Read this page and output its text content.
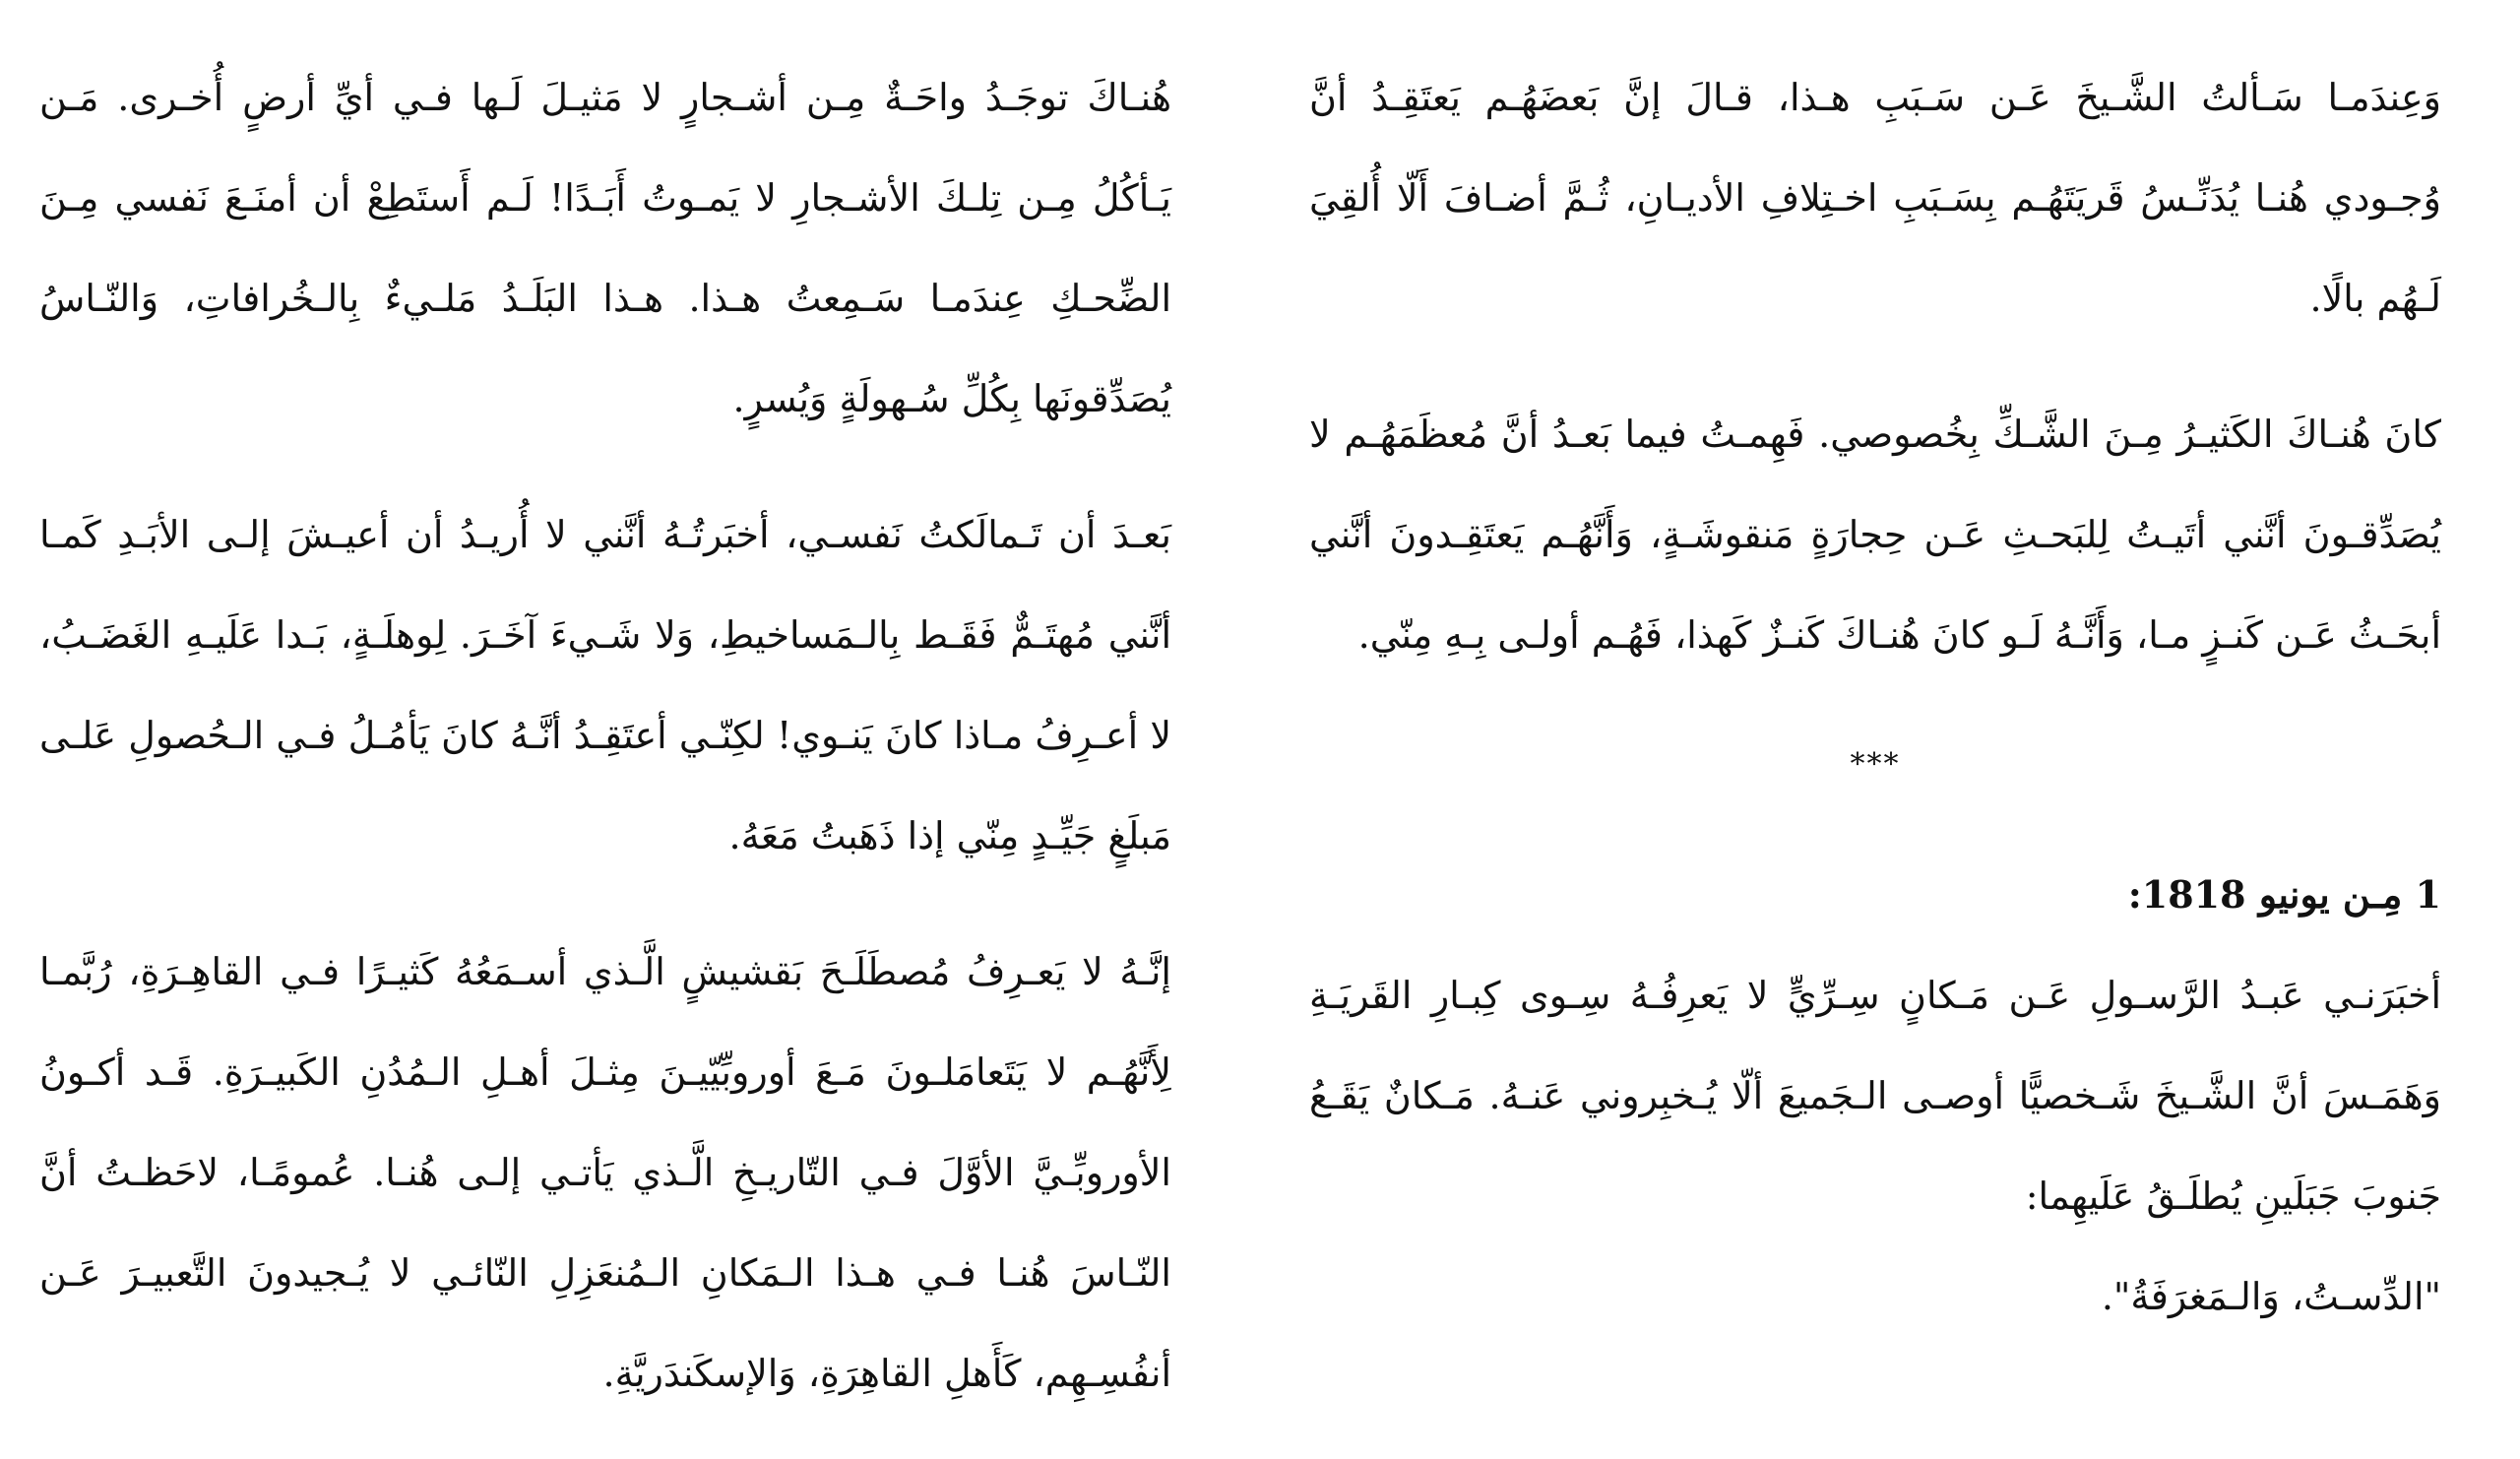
وَعِندَمـا سَـألتُ الشَّـيخَ عَـن سَـبَبِ هـذا، قـالَ إنَّ بَعضَهُـم يَعتَقِـدُ أنَّ وُجـودي هُنـا يُدَنِّـسُ قَريَتَهُـم بِسَـبَبِ اخـتِلافِ الأديـانِ، ثُـمَّ أضـافَ أَلّا أُلقِيَ لَـهُم بالًا.

كانَ هُنـاكَ الكَثيـرُ مِـنَ الشَّـكِّ بِخُصوصي. فَهِمـتُ فيما بَعـدُ أنَّ مُعظَمَهُـم لا يُصَدِّقـونَ أنَّني أتَيـتُ لِلبَحـثِ عَـن حِجارَةٍ مَنقوشَـةٍ، وَأَنَّهُـم يَعتَقِـدونَ أنَّني أبحَـثُ عَـن كَنـزٍ مـا، وَأَنَّـهُ لَـو كانَ هُنـاكَ كَنـزٌ كَهذا، فَهُـم أولـى بِـهِ مِنّي.

***

1 مِـن يونيو 1818:

أخبَرَنـي عَبـدُ الرَّسـولِ عَـن مَـكانٍ سِـرِّيٍّ لا يَعرِفُـهُ سِـوى كِبـارِ القَريَـةِ وَهَمَـسَ أنَّ الشَّـيخَ شَـخصيًّا أوصـى الـجَميعَ ألّا يُـخبِروني عَنـهُ. مَـكانٌ يَقَـعُ جَنوبَ جَبَلَينِ يُطلَـقُ عَلَيهِما:

"الدِّسـتُ، وَالـمَغرَفَةُ".

هُنـاكَ توجَـدُ واحَـةٌ مِـن أشـجارٍ لا مَثيـلَ لَـها فـي أيِّ أرضٍ أُخـرى. مَـن يَـأكُلُ مِـن تِلـكَ الأشـجارِ لا يَمـوتُ أَبَـدًا! لَـم أَستَطِعْ أن أمنَـعَ نَفسي مِـنَ الضِّحـكِ عِندَمـا سَـمِعتُ هـذا. هـذا البَلَـدُ مَلـيءٌ بِالـخُرافاتِ، وَالنّـاسُ يُصَدِّقونَها بِكُلِّ سُـهولَةٍ وَيُسرٍ.

بَعـدَ أن تَـمالَكتُ نَفسـي، أخبَرتُـهُ أنَّني لا أُريـدُ أن أعيـشَ إلـى الأبَـدِ كَمـا أنَّني مُهتَـمٌّ فَقَـط بِالـمَساخيطِ، وَلا شَـيءَ آخَـرَ. لِوهلَـةٍ، بَـدا عَلَيـهِ الغَضَـبُ، لا أعـرِفُ مـاذا كانَ يَنـوي! لكِنّـي أعتَقِـدُ أنَّـهُ كانَ يَأمُـلُ فـي الـحُصولِ عَلـى مَبلَغٍ جَيِّـدٍ مِنّي إذا ذَهَبتُ مَعَهُ.

إنَّـهُ لا يَعـرِفُ مُصطَلَـحَ بَقشيشٍ الَّـذي أسـمَعُهُ كَثيـرًا فـي القاهِـرَةِ، رُبَّمـا لِأَنَّهُـم لا يَتَعامَلـونَ مَـعَ أوروبِّيّيـنَ مِثـلَ أهـلِ الـمُدُنِ الكَبيـرَةِ. قَـد أكـونُ الأوروبِّـيَّ الأوَّلَ فـي التّاريـخِ الَّـذي يَأتـي إلـى هُنـا. عُمومًـا، لاحَظـتُ أنَّ النّـاسَ هُنـا فـي هـذا الـمَكانِ الـمُنعَزِلِ النّائـي لا يُـجيدونَ التَّعبيـرَ عَـن أنفُسِـهِم، كَأَهلِ القاهِرَةِ، وَالإسكَندَريَّةِ.
